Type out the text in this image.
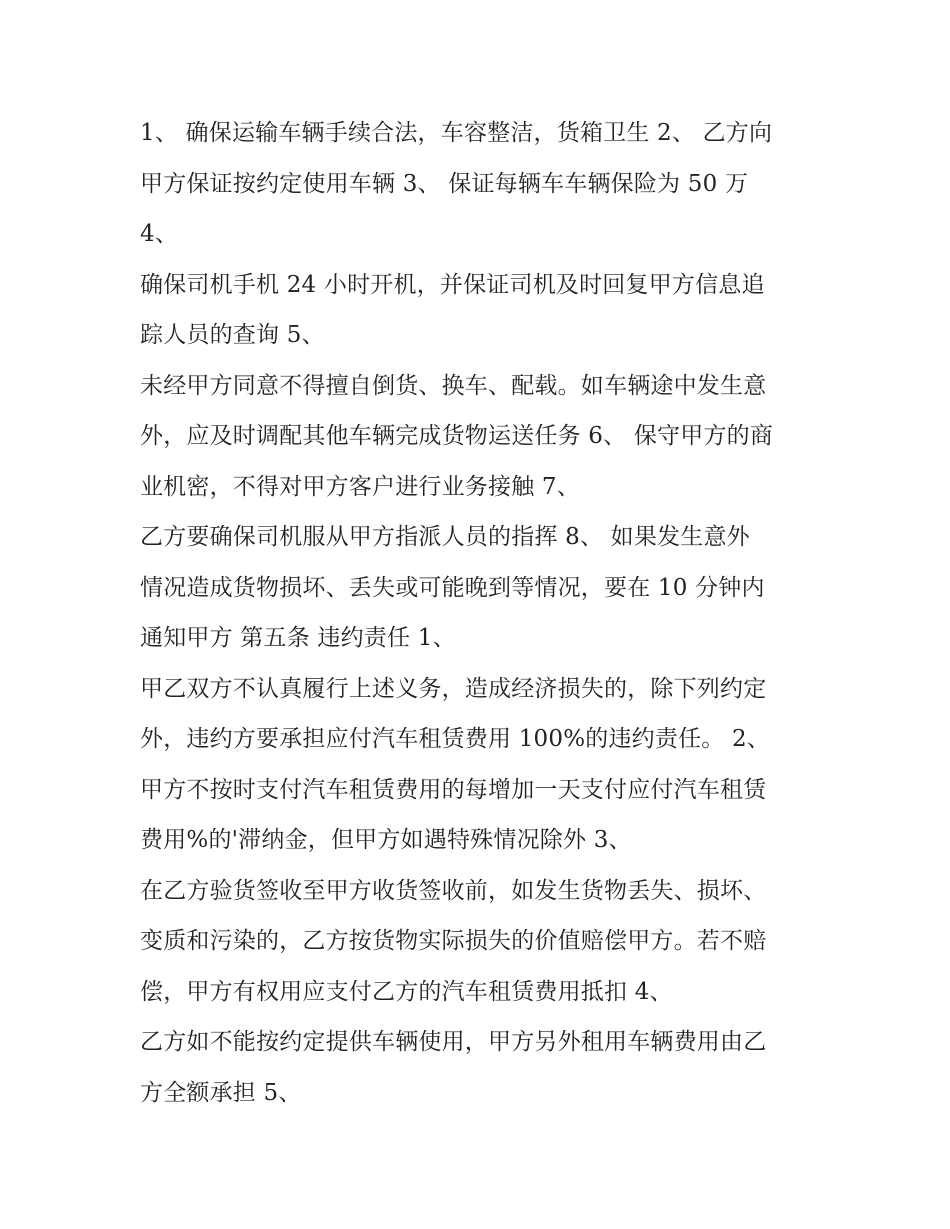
1、 确保运输车辆手续合法，车容整洁，货箱卫生 2、 乙方向
甲方保证按约定使用车辆 3、 保证每辆车车辆保险为 50 万
4、
确保司机手机 24 小时开机，并保证司机及时回复甲方信息追
踪人员的查询 5、
未经甲方同意不得擅自倒货、换车、配载。如车辆途中发生意
外，应及时调配其他车辆完成货物运送任务 6、 保守甲方的商
业机密，不得对甲方客户进行业务接触 7、
乙方要确保司机服从甲方指派人员的指挥 8、 如果发生意外
情况造成货物损坏、丢失或可能晚到等情况，要在 10 分钟内
通知甲方 第五条 违约责任 1、
甲乙双方不认真履行上述义务，造成经济损失的，除下列约定
外，违约方要承担应付汽车租赁费用 100%的违约责任。 2、
甲方不按时支付汽车租赁费用的每增加一天支付应付汽车租赁
费用%的'滞纳金，但甲方如遇特殊情况除外 3、
在乙方验货签收至甲方收货签收前，如发生货物丢失、损坏、
变质和污染的，乙方按货物实际损失的价值赔偿甲方。若不赔
偿，甲方有权用应支付乙方的汽车租赁费用抵扣 4、
乙方如不能按约定提供车辆使用，甲方另外租用车辆费用由乙
方全额承担 5、
